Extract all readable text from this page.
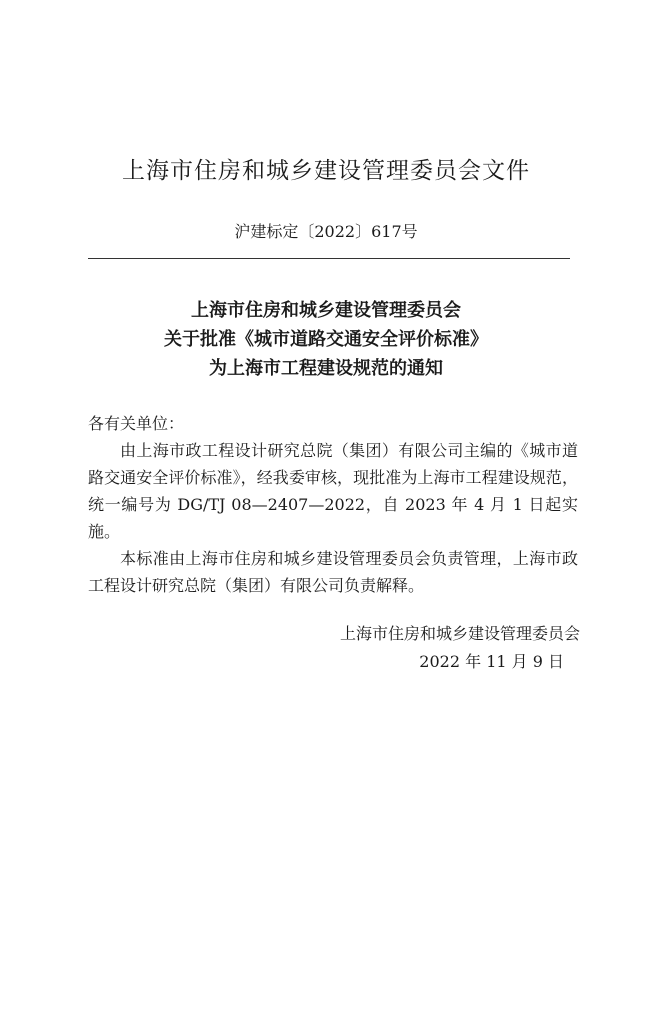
上海市住房和城乡建设管理委员会文件
沪建标定〔2022〕617号
上海市住房和城乡建设管理委员会
关于批准《城市道路交通安全评价标准》
为上海市工程建设规范的通知

各有关单位：

由上海市政工程设计研究总院（集团）有限公司主编的《城市道路交通安全评价标准》，经我委审核，现批准为上海市工程建设规范，统一编号为 DG/TJ 08—2407—2022，自 2023 年 4 月 1 日起实施。

本标准由上海市住房和城乡建设管理委员会负责管理，上海市政工程设计研究总院（集团）有限公司负责解释。

上海市住房和城乡建设管理委员会
2022 年 11 月 9 日
